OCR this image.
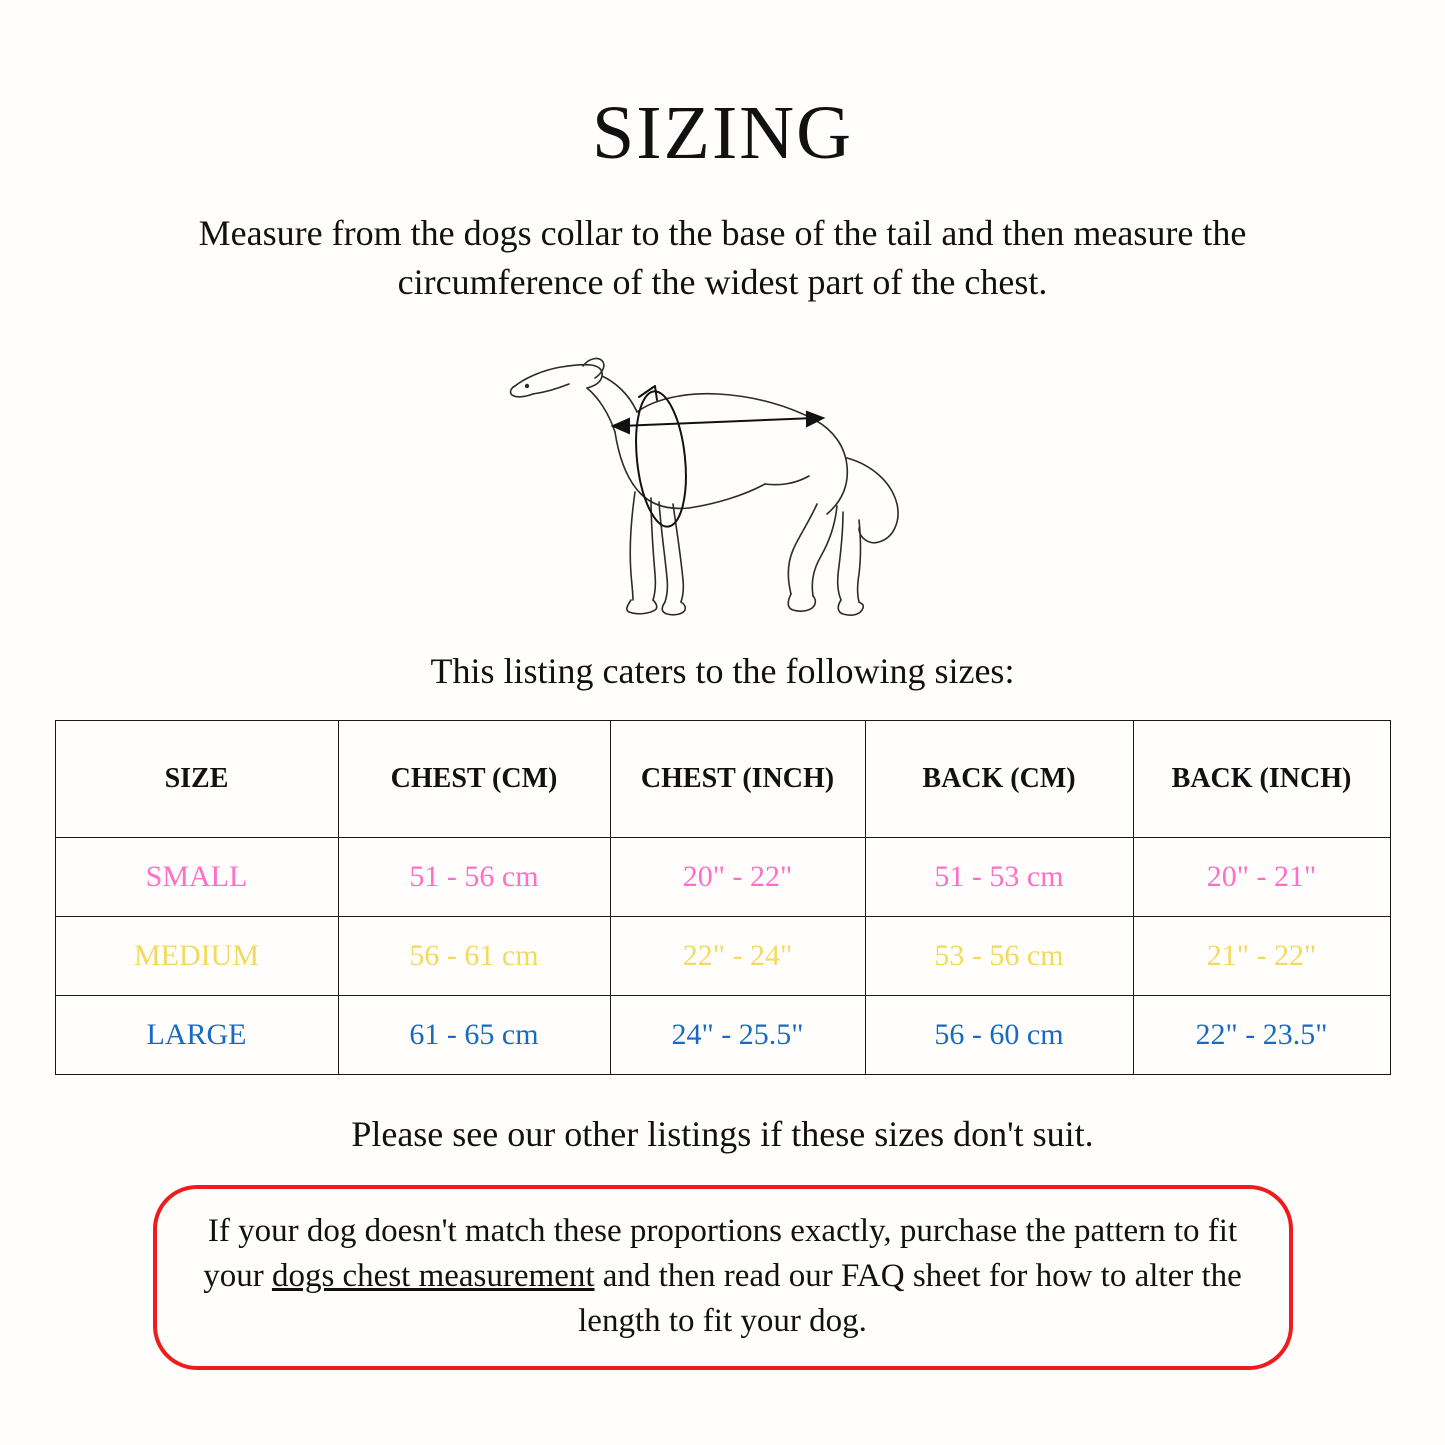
SIZING

Measure from the dogs collar to the base of the tail and then measure the circumference of the widest part of the chest.

This listing caters to the following sizes:

SIZE	CHEST (CM)	CHEST (INCH)	BACK (CM)	BACK (INCH)
SMALL	51 - 56 cm	20" - 22"	51 - 53 cm	20" - 21"
MEDIUM	56 - 61 cm	22" - 24"	53 - 56 cm	21" - 22"
LARGE	61 - 65 cm	24" - 25.5"	56 - 60 cm	22" - 23.5"

Please see our other listings if these sizes don't suit.

If your dog doesn't match these proportions exactly, purchase the pattern to fit your dogs chest measurement and then read our FAQ sheet for how to alter the length to fit your dog.
